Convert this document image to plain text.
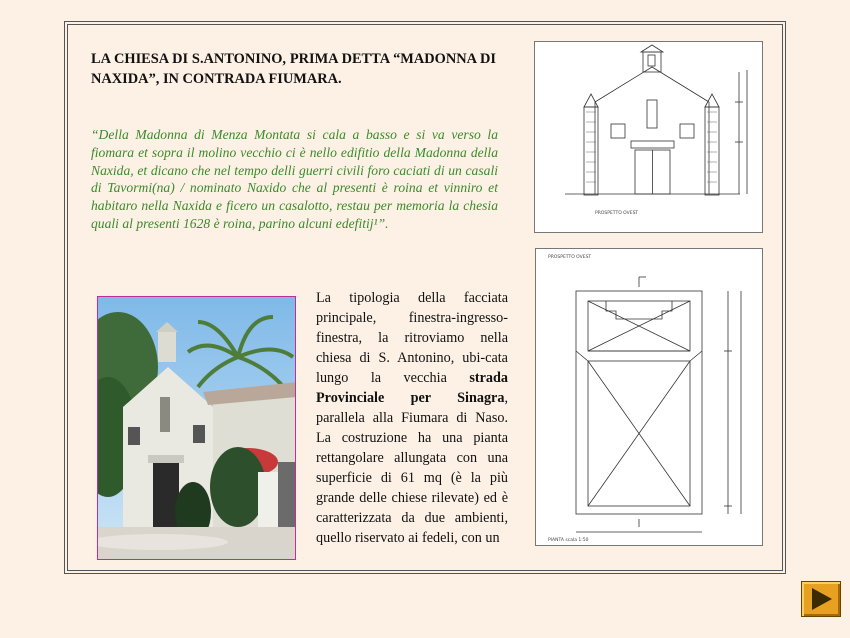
LA CHIESA DI S.ANTONINO, PRIMA DETTA “MADONNA DI NAXIDA”, IN CONTRADA FIUMARA.

“Della Madonna di Menza Montata si cala a basso e si va verso la fiomara et sopra il molino vecchio ci è nello edifitio della Madonna della Naxida, et dicano che nel tempo delli guerri civili foro caciati di un casali di Tavormi(na) / nominato Naxido che al presenti è roina et vinniro et habitaro nella Naxida e ficero un casalotto, restau per memoria la chesia quali al presenti 1628 è roina, parino alcuni edefitij¹”.

La tipologia della facciata principale, finestra-ingresso-finestra, la ritroviamo nella chiesa di S. Antonino, ubi-cata lungo la vecchia strada Provinciale per Sinagra, parallela alla Fiumara di Naso. La costruzione ha una pianta rettangolare allungata con una superficie di 61 mq (è la più grande delle chiese rilevate) ed è caratterizzata da due ambienti, quello riservato ai fedeli, con un

PROSPETTO OVEST
PROSPETTO OVEST
PIANTA scala 1:50
